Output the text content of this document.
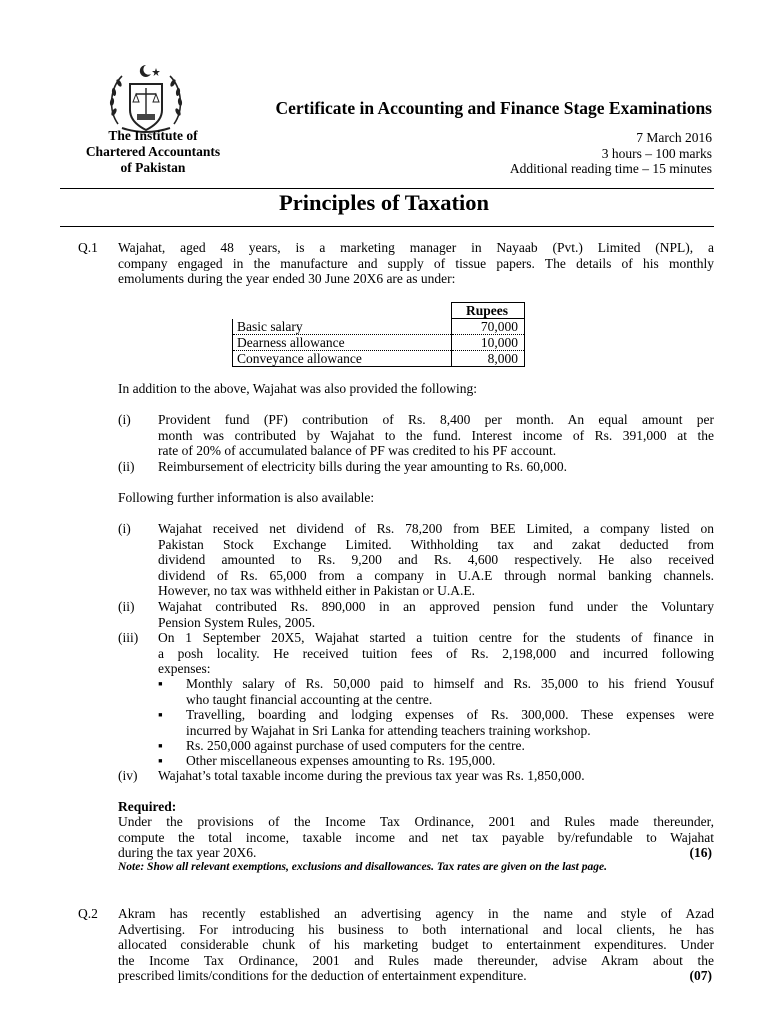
The Institute of
Chartered Accountants
of Pakistan
Certificate in Accounting and Finance Stage Examinations
7 March 2016
3 hours – 100 marks
Additional reading time – 15 minutes
Principles of Taxation
Q.1 Wajahat, aged 48 years, is a marketing manager in Nayaab (Pvt.) Limited (NPL), a
company engaged in the manufacture and supply of tissue papers. The details of his monthly
emoluments during the year ended 30 June 20X6 are as under:
	Rupees
Basic salary	70,000
Dearness allowance	10,000
Conveyance allowance	8,000
In addition to the above, Wajahat was also provided the following:
(i) Provident fund (PF) contribution of Rs. 8,400 per month. An equal amount per
month was contributed by Wajahat to the fund. Interest income of Rs. 391,000 at the
rate of 20% of accumulated balance of PF was credited to his PF account.
(ii) Reimbursement of electricity bills during the year amounting to Rs. 60,000.
Following further information is also available:
(i) Wajahat received net dividend of Rs. 78,200 from BEE Limited, a company listed on
Pakistan Stock Exchange Limited. Withholding tax and zakat deducted from
dividend amounted to Rs. 9,200 and Rs. 4,600 respectively. He also received
dividend of Rs. 65,000 from a company in U.A.E through normal banking channels.
However, no tax was withheld either in Pakistan or U.A.E.
(ii) Wajahat contributed Rs. 890,000 in an approved pension fund under the Voluntary
Pension System Rules, 2005.
(iii) On 1 September 20X5, Wajahat started a tuition centre for the students of finance in
a posh locality. He received tuition fees of Rs. 2,198,000 and incurred following
expenses:
▪ Monthly salary of Rs. 50,000 paid to himself and Rs. 35,000 to his friend Yousuf
who taught financial accounting at the centre.
▪ Travelling, boarding and lodging expenses of Rs. 300,000. These expenses were
incurred by Wajahat in Sri Lanka for attending teachers training workshop.
▪ Rs. 250,000 against purchase of used computers for the centre.
▪ Other miscellaneous expenses amounting to Rs. 195,000.
(iv) Wajahat’s total taxable income during the previous tax year was Rs. 1,850,000.
Required:
Under the provisions of the Income Tax Ordinance, 2001 and Rules made thereunder,
compute the total income, taxable income and net tax payable by/refundable to Wajahat
during the tax year 20X6.	(16)
Note: Show all relevant exemptions, exclusions and disallowances. Tax rates are given on the last page.
Q.2 Akram has recently established an advertising agency in the name and style of Azad
Advertising. For introducing his business to both international and local clients, he has
allocated considerable chunk of his marketing budget to entertainment expenditures. Under
the Income Tax Ordinance, 2001 and Rules made thereunder, advise Akram about the
prescribed limits/conditions for the deduction of entertainment expenditure.	(07)
